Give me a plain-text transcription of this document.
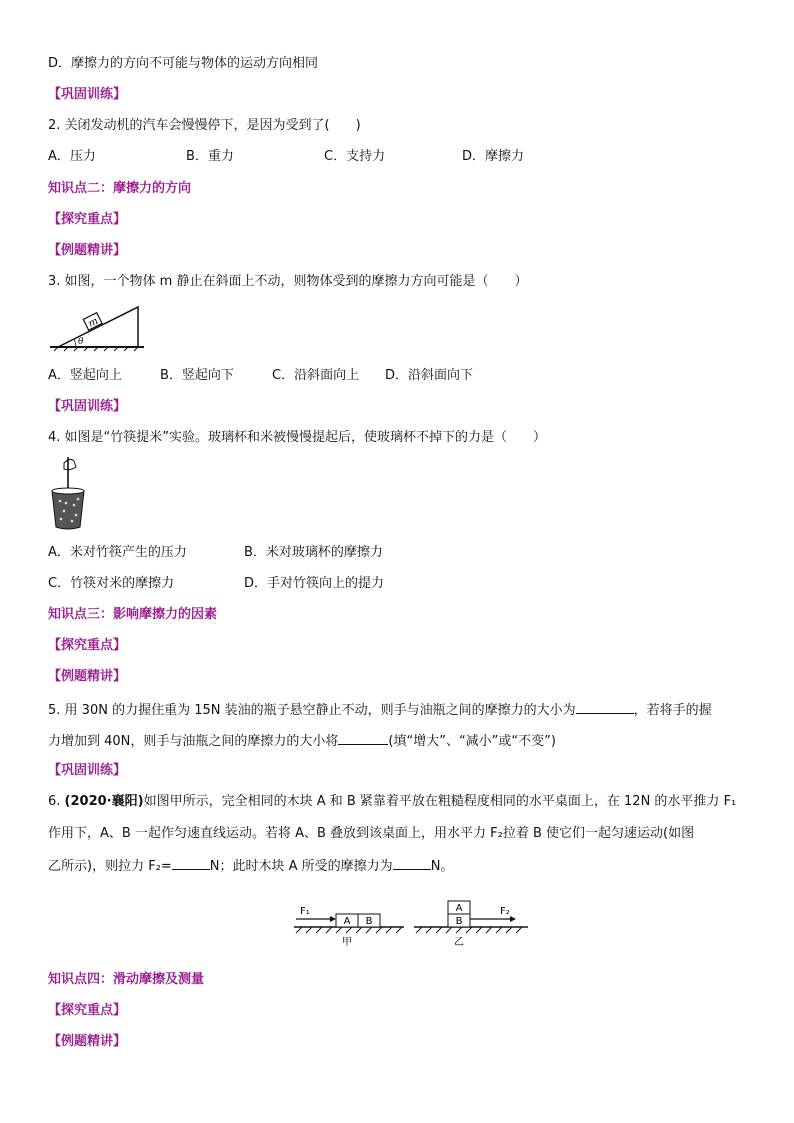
D．摩擦力的方向不可能与物体的运动方向相同
【巩固训练】
2. 关闭发动机的汽车会慢慢停下，是因为受到了(　　)
A．压力	B．重力	C．支持力	D．摩擦力
知识点二：摩擦力的方向
【探究重点】
【例题精讲】
3. 如图，一个物体 m 静止在斜面上不动，则物体受到的摩擦力方向可能是（　　）
m
θ
A．竖起向上	B．竖起向下	C．沿斜面向上 D．沿斜面向下
【巩固训练】
4. 如图是“竹筷提米”实验。玻璃杯和米被慢慢提起后，使玻璃杯不掉下的力是（　　）
A．米对竹筷产生的压力	B．米对玻璃杯的摩擦力
C．竹筷对米的摩擦力	D．手对竹筷向上的提力
知识点三：影响摩擦力的因素
【探究重点】
【例题精讲】
5. 用 30N 的力握住重为 15N 装油的瓶子悬空静止不动，则手与油瓶之间的摩擦力的大小为	，若将手的握
力增加到 40N，则手与油瓶之间的摩擦力的大小将	(填“增大”、“减小”或“不变”)
【巩固训练】
6. (2020·襄阳)如图甲所示，完全相同的木块 A 和 B 紧靠着平放在粗糙程度相同的水平桌面上，在 12N 的水平推力 F₁
作用下，A、B 一起作匀速直线运动。若将 A、B 叠放到该桌面上，用水平力 F₂拉着 B 使它们一起匀速运动(如图
乙所示)，则拉力 F₂=	N；此时木块 A 所受的摩擦力为	N。
F₁
A B
甲
A
B
F₂
乙
知识点四：滑动摩擦及测量
【探究重点】
【例题精讲】
